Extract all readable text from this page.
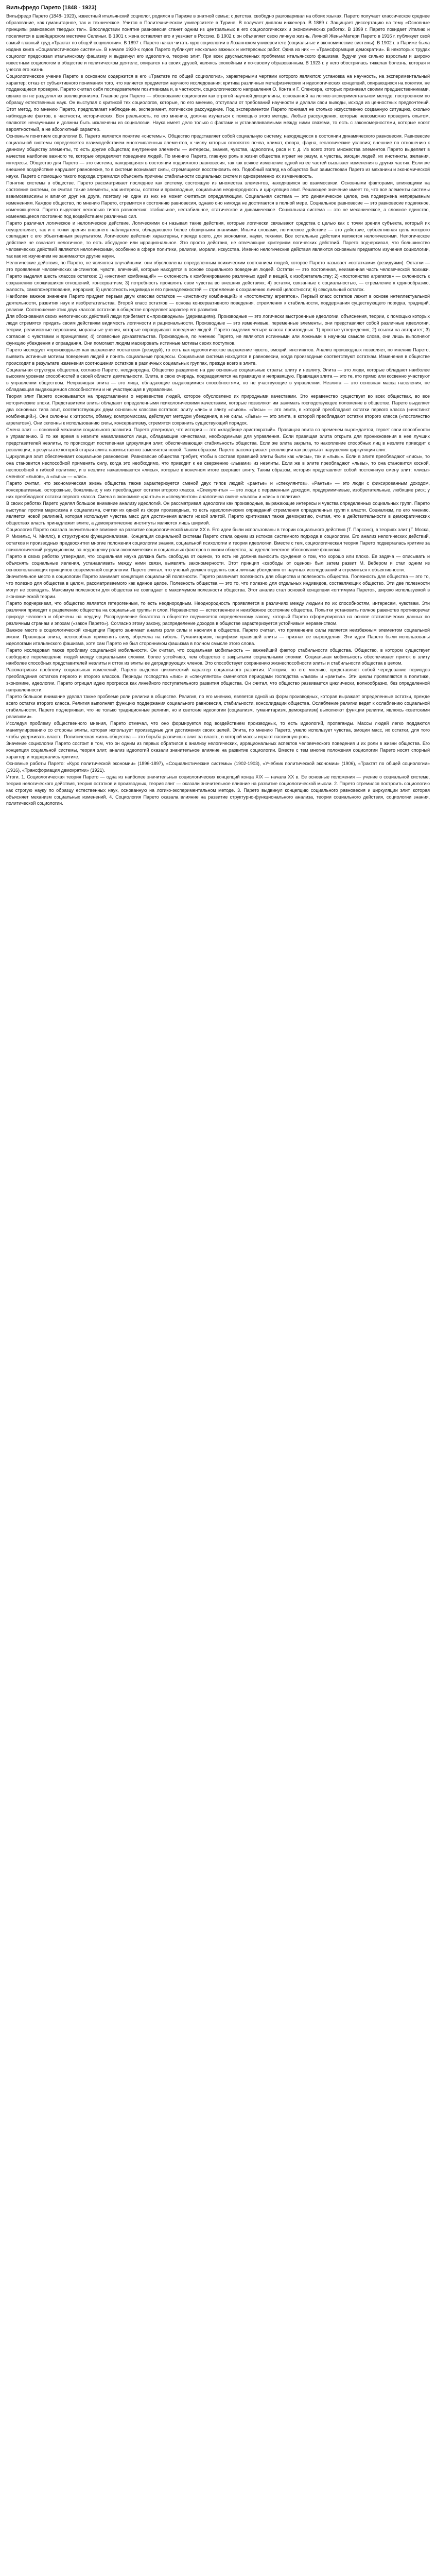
Вильфредо Парето (1848 - 1923)

Вильфредо Парето (1848- 1923), известный итальянский социолог, родился в Париже в знатной семье; с детства, свободно разговаривал на обоих языках. Парето получает классическое среднее образование, как гуманитарное, так и техническое. Учится в Политехническом университете в Турине. В получает диплом инженера. В 1869 г. Защищает диссертацию на тему «Основные принципы равновесия твердых тел». Впоследствии понятие равновесия станет одним из центральных в его социологических и экономических работах. В 1899 г. Парето покидает Италию и поселяется в швейцарском местечке Селиньи. В 1901 г. жена оставляет его и уезжает в Россию. В 1902 г. он объявляет свою личную жизнь. Личной Жены-Матери Парето в 1916 г. публикует свой самый главный труд «Трактат по общей социологии». В 1897 г. Парето начал читать курс социологии в Лозаннском университете (социальные и экономические системы). В 1902 г. в Париже была издана книга «Социалистические системы». В начале 1920-х годов Парето публикует несколько важных и интересных работ. Одна из них — «Трансформация демократии». В некоторых трудах социолог предсказал итальянскому фашизму и выдвинул его идеологию, теорию элит. При всех двусмысленных проблемах итальянского фашизма, будучи уже сильно взрослым и широко известным социологом в обществе и политическом деятеле, опирался на своих друзей, являясь спокойным и по-своему образованным. В 1923 г. у него обострилась тяжелая болезнь, которая и унесла его жизнь.

Социологическое учение Парето в основном содержится в его «Трактате по общей социологии», характерными чертами которого являются: установка на научность, на экспериментальный характер; отказ от субъективного понимания того, что является предметом научного исследования; критика различных метафизических и идеологических концепций, опирающихся на понятия, не поддающиеся проверке. Парето считал себя последователем позитивизма и, в частности, социологического направления О. Конта и Г. Спенсера, которых признавал своими предшественниками, однако он не разделял их эволюционизма. Главное для Парето — обоснование социологии как строгой научной дисциплины, основанной на логико-экспериментальном методе, построенном по образцу естественных наук. Он выступал с критикой тех социологов, которые, по его мнению, отступали от требований научности и делали свои выводы, исходя из ценностных предпочтений. Этот метод, по мнению Парето, предполагает наблюдение, эксперимент, логическое рассуждение. Под экспериментом Парето понимал не столько искусственно созданную ситуацию, сколько наблюдение фактов, в частности, исторических. Вся реальность, по его мнению, должна изучаться с помощью этого метода. Любые рассуждения, которые невозможно проверить опытом, являются ненаучными и должны быть исключены из социологии. Наука имеет дело только с фактами и устанавливаемыми между ними связями, то есть с закономерностями, которые носят вероятностный, а не абсолютный характер.

Основным понятием социологии В. Парето является понятие «системы». Общество представляет собой социальную систему, находящуюся в состоянии динамического равновесия. Равновесие социальной системы определяется взаимодействием многочисленных элементов, к числу которых относятся почва, климат, флора, фауна, геологические условия; внешние по отношению к данному обществу элементы, то есть другие общества; внутренние элементы — интересы, знания, чувства, идеологии, раса и т. д. Из всего этого множества элементов Парето выделяет в качестве наиболее важного те, которые определяют поведение людей. По мнению Парето, главную роль в жизни общества играет не разум, а чувства, эмоции людей, их инстинкты, желания, интересы. Общество для Парето — это система, находящаяся в состоянии подвижного равновесия, так как всякое изменение одной из ее частей вызывает изменения в других частях. Если же внешнее воздействие нарушает равновесие, то в системе возникают силы, стремящиеся восстановить его. Подобный взгляд на общество был заимствован Парето из механики и экономической науки. Парето с помощью такого подхода стремился объяснить причины стабильности социальных систем и одновременно их изменчивость.

Понятие системы в обществе. Парето рассматривает последнее как систему, состоящую из множества элементов, находящихся во взаимосвязи. Основными факторами, влияющими на состояние системы, он считал такие элементы, как интересы, остатки и производные, социальная неоднородность и циркуляция элит. Решающее значение имеет то, что все элементы системы взаимозависимы и влияют друг на друга, поэтому ни один из них не может считаться определяющим. Социальная система — это динамическое целое, она подвержена непрерывным изменениям. Каждое общество, по мнению Парето, стремится к состоянию равновесия, однако оно никогда не достигается в полной мере. Социальное равновесие — это равновесие подвижное, изменяющееся. Парето выделяет несколько типов равновесия: стабильное, нестабильное, статическое и динамическое. Социальная система — это не механическое, а сложное единство, изменяющееся постоянно под воздействием различных сил.

Парето различал логическое и нелогическое действие. Логическими он называл такие действия, которые логически связывают средства с целью как с точки зрения субъекта, который их осуществляет, так и с точки зрения внешнего наблюдателя, обладающего более обширными знаниями. Иными словами, логическое действие — это действие, субъективная цель которого совпадает с его объективным результатом. Логические действия характерны, прежде всего, для экономики, науки, техники. Все остальные действия являются нелогическими. Нелогическое действие не означает нелогичное, то есть абсурдное или иррациональное. Это просто действия, не отвечающие критериям логических действий. Парето подчеркивал, что большинство человеческих действий являются нелогическими, особенно в сфере политики, религии, морали, искусства. Именно нелогические действия являются основным предметом изучения социологии, так как их изучением не занимаются другие науки.

Нелогические действия, по Парето, не являются случайными: они обусловлены определенным психическим состоянием людей, которое Парето называет «остатками» (резидуями). Остатки — это проявления человеческих инстинктов, чувств, влечений, которые находятся в основе социального поведения людей. Остатки — это постоянная, неизменная часть человеческой психики. Парето выделил шесть классов остатков: 1) «инстинкт комбинаций» — склонность к комбинированию различных идей и вещей, к изобретательству; 2) «постоянство агрегатов» — склонность к сохранению сложившихся отношений, консерватизм; 3) потребность проявлять свои чувства во внешних действиях; 4) остатки, связанные с социальностью, — стремление к единообразию, жалость, самопожертвование, иерархия; 5) целостность индивида и его принадлежностей — стремление к сохранению личной целостности; 6) сексуальный остаток.

Наиболее важное значение Парето придает первым двум классам остатков — «инстинкту комбинаций» и «постоянству агрегатов». Первый класс остатков лежит в основе интеллектуальной деятельности, развития наук и изобретательства. Второй класс остатков — основа консервативного поведения, стремления к стабильности, поддержания существующего порядка, традиций, религии. Соотношение этих двух классов остатков в обществе определяет характер его развития.

Для обоснования своих нелогических действий люди прибегают к «производным» (деривациям). Производные — это логически выстроенные идеологии, объяснения, теории, с помощью которых люди стремятся придать своим действиям видимость логичности и рациональности. Производные — это изменчивые, переменные элементы, они представляют собой различные идеологии, теории, религиозные верования, моральные учения, которые оправдывают поведение людей. Парето выделил четыре класса производных: 1) простые утверждения; 2) ссылки на авторитет; 3) согласие с чувствами и принципами; 4) словесные доказательства. Производные, по мнению Парето, не являются истинными или ложными в научном смысле слова, они лишь выполняют функцию убеждения и оправдания. Они помогают людям маскировать истинные мотивы своих поступков.

Парето исследует «производные» как выражение «остатков» (резидуй), то есть как идеологическое выражение чувств, эмоций, инстинктов. Анализ производных позволяет, по мнению Парето, выявить истинные мотивы поведения людей и понять социальные процессы. Социальная система находится в равновесии, когда производные соответствуют остаткам. Изменения в обществе происходят в результате изменения соотношения остатков в различных социальных группах, прежде всего в элите.

Социальная структура общества, согласно Парето, неоднородна. Общество разделено на две основные социальные страты: элиту и неэлиту. Элита — это люди, которые обладают наиболее высоким уровнем способностей в своей области деятельности. Элита, в свою очередь, подразделяется на правящую и неправящую. Правящая элита — это те, кто прямо или косвенно участвуют в управлении обществом. Неправящая элита — это лица, обладающие выдающимися способностями, но не участвующие в управлении. Неэлита — это основная масса населения, не обладающая выдающимися способностями и не участвующая в управлении.

Теория элит Парето основывается на представлении о неравенстве людей, которое обусловлено их природными качествами. Это неравенство существует во всех обществах, во все исторические эпохи. Представители элиты обладают определенными психологическими качествами, которые позволяют им занимать господствующее положение в обществе. Парето выделяет два основных типа элит, соответствующих двум основным классам остатков: элиту «лис» и элиту «львов». «Лисы» — это элита, в которой преобладают остатки первого класса («инстинкт комбинаций»). Они склонны к хитрости, обману, компромиссам, действуют методом убеждения, а не силы. «Львы» — это элита, в которой преобладают остатки второго класса («постоянство агрегатов»). Они склонны к использованию силы, консерватизму, стремятся сохранить существующий порядок.

Смена элит — основной механизм социального развития. Парето утверждал, что история — это «кладбище аристократий». Правящая элита со временем вырождается, теряет свои способности к управлению. В то же время в неэлите накапливаются лица, обладающие качествами, необходимыми для управления. Если правящая элита открыта для проникновения в нее лучших представителей неэлиты, то происходит постепенная циркуляция элит, обеспечивающая стабильность общества. Если же элита закрыта, то накопление способных лиц в неэлите приводит к революции, в результате которой старая элита насильственно заменяется новой. Таким образом, Парето рассматривает революции как результат нарушения циркуляции элит.

Циркуляция элит обеспечивает социальное равновесие. Равновесие общества требует, чтобы в составе правящей элиты были как «лисы», так и «львы». Если в элите преобладают «лисы», то она становится неспособной применять силу, когда это необходимо, что приводит к ее свержению «львами» из неэлиты. Если же в элите преобладают «львы», то она становится косной, неспособной к гибкой политике, и в неэлите накапливаются «лисы», которые в конечном итоге свергают элиту. Таким образом, история представляет собой постоянную смену элит: «лисы» сменяют «львов», а «львы» — «лис».

Парето считал, что экономическая жизнь общества также характеризуется сменой двух типов людей: «рантье» и «спекулянтов». «Рантье» — это люди с фиксированным доходом, консервативные, осторожные, боязливые; у них преобладают остатки второго класса. «Спекулянты» — это люди с переменным доходом, предприимчивые, изобретательные, любящие риск; у них преобладают остатки первого класса. Смена в экономике «рантье» и «спекулянтов» аналогична смене «львов» и «лис» в политике.

В своих работах Парето уделял большое внимание анализу идеологий. Он рассматривал идеологии как производные, выражающие интересы и чувства определенных социальных групп. Парето выступал против марксизма и социализма, считая их одной из форм производных, то есть идеологических оправданий стремления определенных групп к власти. Социализм, по его мнению, является новой религией, которая использует чувства масс для достижения власти новой элитой. Парето критиковал также демократию, считая, что в действительности в демократических обществах власть принадлежит элите, а демократические институты являются лишь ширмой.

Социология Парето оказала значительное влияние на развитие социологической мысли XX в. Его идеи были использованы в теории социального действия (Т. Парсонс), в теориях элит (Г. Моска, Р. Михельс, Ч. Миллс), в структурном функционализме. Концепция социальной системы Парето стала одним из истоков системного подхода в социологии. Его анализ нелогических действий, остатков и производных предвосхитил многие положения социологии знания, социальной психологии и теории идеологии. Вместе с тем, социологическая теория Парето подвергалась критике за психологический редукционизм, за недооценку роли экономических и социальных факторов в жизни общества, за идеологическое обоснование фашизма.

Парето в своих работах утверждал, что социальная наука должна быть свободна от оценок, то есть не должна выносить суждения о том, что хорошо или плохо. Ее задача — описывать и объяснять социальные явления, устанавливать между ними связи, выявлять закономерности. Этот принцип «свободы от оценок» был затем развит М. Вебером и стал одним из основополагающих принципов современной социологии. Парето считал, что ученый должен отделять свои личные убеждения от научных исследований и стремиться к объективности.

Значительное место в социологии Парето занимает концепция социальной полезности. Парето различает полезность для общества и полезность общества. Полезность для общества — это то, что полезно для общества в целом, рассматриваемого как единое целое. Полезность общества — это то, что полезно для отдельных индивидов, составляющих общество. Эти две полезности могут не совпадать. Максимум полезности для общества не совпадает с максимумом полезности общества. Этот анализ стал основой концепции «оптимума Парето», широко используемой в экономической теории.

Парето подчеркивал, что общество является гетерогенным, то есть неоднородным. Неоднородность проявляется в различиях между людьми по их способностям, интересам, чувствам. Эти различия приводят к разделению общества на социальные группы и слои. Неравенство — естественное и неизбежное состояние общества. Попытки установить полное равенство противоречат природе человека и обречены на неудачу. Распределение богатства в обществе подчиняется определенному закону, который Парето сформулировал на основе статистических данных по различным странам и эпохам («закон Парето»). Согласно этому закону, распределение доходов в обществе характеризуется устойчивым неравенством.

Важное место в социологической концепции Парето занимает анализ роли силы и насилия в обществе. Парето считал, что применение силы является неизбежным элементом социальной жизни. Правящая элита, неспособная применять силу, обречена на гибель. Гуманитаризм, пацифизм правящей элиты — признак ее вырождения. Эти идеи Парето были использованы идеологами итальянского фашизма, хотя сам Парето не был сторонником фашизма в полном смысле этого слова.

Парето исследовал также проблему социальной мобильности. Он считал, что социальная мобильность — важнейший фактор стабильности общества. Общество, в котором существует свободное перемещение людей между социальными слоями, более устойчиво, чем общество с закрытыми социальными слоями. Социальная мобильность обеспечивает приток в элиту наиболее способных представителей неэлиты и отток из элиты ее деградирующих членов. Это способствует сохранению жизнеспособности элиты и стабильности общества в целом.

Рассматривая проблему социальных изменений, Парето выделял циклический характер социального развития. История, по его мнению, представляет собой чередование периодов преобладания остатков первого и второго классов. Периоды господства «лис» и «спекулянтов» сменяются периодами господства «львов» и «рантье». Эти циклы проявляются в политике, экономике, идеологии. Парето отрицал идею прогресса как линейного поступательного развития общества. Он считал, что общество развивается циклически, волнообразно, без определенной направленности.

Парето большое внимание уделял также проблеме роли религии в обществе. Религия, по его мнению, является одной из форм производных, которая выражает определенные остатки, прежде всего остатки второго класса. Религия выполняет функцию поддержания социального равновесия, стабильности, консолидации общества. Ослабление религии ведет к ослаблению социальной стабильности. Парето подчеркивал, что не только традиционные религии, но и светские идеологии (социализм, гуманитаризм, демократизм) выполняют функции религии, являясь «светскими религиями».

Исследуя проблему общественного мнения, Парето отмечал, что оно формируется под воздействием производных, то есть идеологий, пропаганды. Массы людей легко поддаются манипулированию со стороны элиты, которая использует производные для достижения своих целей. Элита, по мнению Парето, умело использует чувства, эмоции масс, их остатки, для того чтобы удерживать власть. Политическая жизнь общества — это борьба различных элит за власть, в которой массы играют пассивную роль.

Значение социологии Парето состоит в том, что он одним из первых обратился к анализу нелогических, иррациональных аспектов человеческого поведения и их роли в жизни общества. Его концепция социальной системы, теория элит, анализ идеологий оказали значительное влияние на развитие социологии. Вместе с тем многие положения социологии Парето носят спорный характер и подвергались критике.

Основные работы Парето: «Курс политической экономии» (1896-1897), «Социалистические системы» (1902-1903), «Учебник политической экономии» (1906), «Трактат по общей социологии» (1916), «Трансформация демократии» (1921).

Итоги. 1. Социологическая теория Парето — одна из наиболее значительных социологических концепций конца XIX — начала XX в. Ее основные положения — учение о социальной системе, теория нелогического действия, теория остатков и производных, теория элит — оказали значительное влияние на развитие социологической мысли. 2. Парето стремился построить социологию как строгую науку по образцу естественных наук, основанную на логико-экспериментальном методе. 3. Парето выдвинул концепцию социального равновесия и циркуляции элит, которая объясняет механизм социальных изменений. 4. Социология Парето оказала влияние на развитие структурно-функционального анализа, теории социального действия, социологии знания, политической социологии.
